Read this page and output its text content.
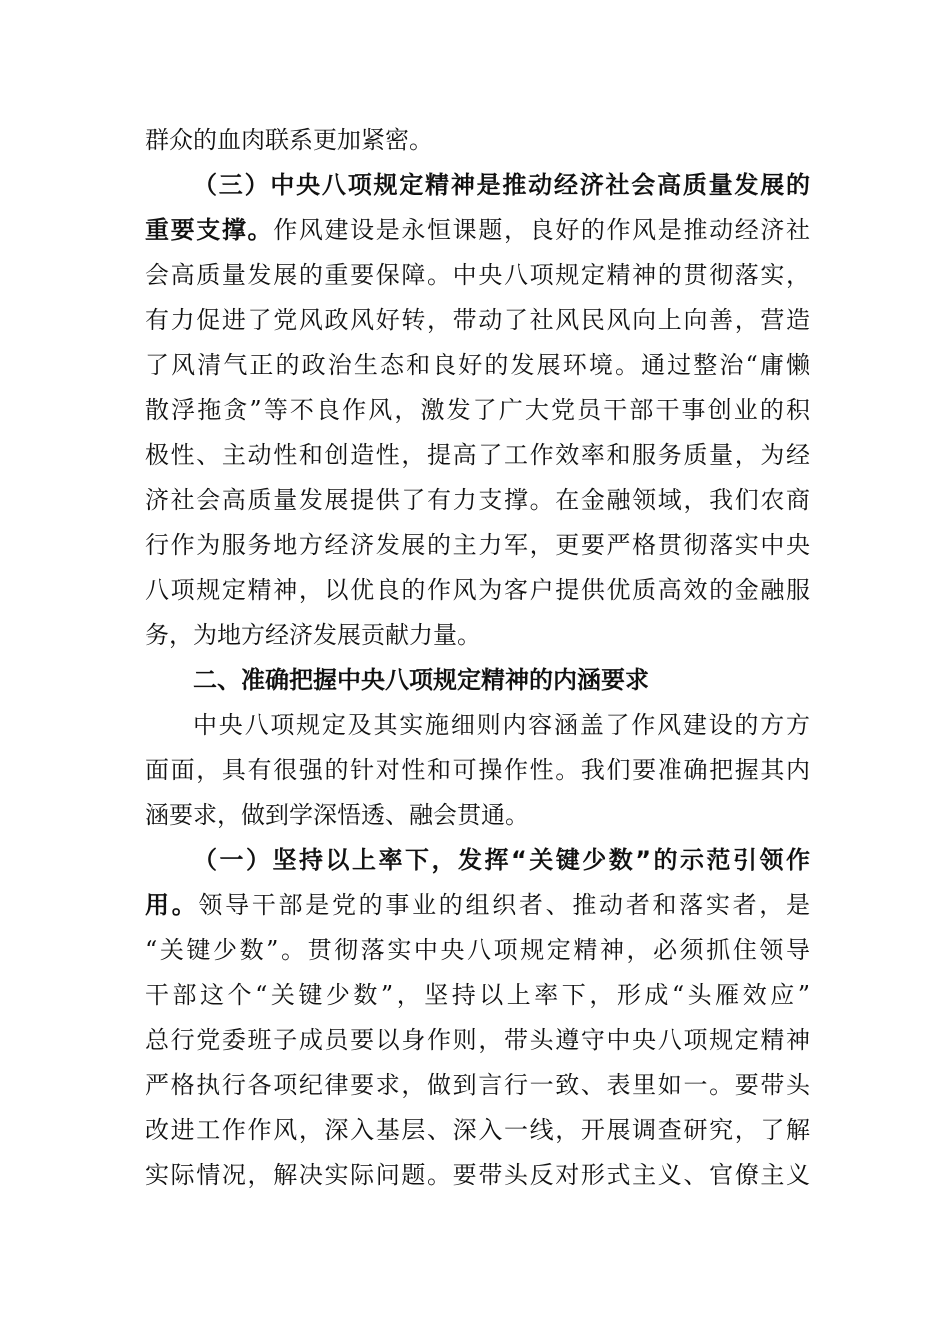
群众的血肉联系更加紧密。
（三）中央八项规定精神是推动经济社会高质量发展的
重要支撑。作风建设是永恒课题，良好的作风是推动经济社
会高质量发展的重要保障。中央八项规定精神的贯彻落实，
有力促进了党风政风好转，带动了社风民风向上向善，营造
了风清气正的政治生态和良好的发展环境。通过整治“庸懒
散浮拖贪”等不良作风，激发了广大党员干部干事创业的积
极性、主动性和创造性，提高了工作效率和服务质量，为经
济社会高质量发展提供了有力支撑。在金融领域，我们农商
行作为服务地方经济发展的主力军，更要严格贯彻落实中央
八项规定精神，以优良的作风为客户提供优质高效的金融服
务，为地方经济发展贡献力量。
二、准确把握中央八项规定精神的内涵要求
中央八项规定及其实施细则内容涵盖了作风建设的方方
面面，具有很强的针对性和可操作性。我们要准确把握其内
涵要求，做到学深悟透、融会贯通。
（一）坚持以上率下，发挥“关键少数”的示范引领作
用。领导干部是党的事业的组织者、推动者和落实者，是
“关键少数”。贯彻落实中央八项规定精神，必须抓住领导
干部这个“关键少数”，坚持以上率下，形成“头雁效应”
总行党委班子成员要以身作则，带头遵守中央八项规定精神
严格执行各项纪律要求，做到言行一致、表里如一。要带头
改进工作作风，深入基层、深入一线，开展调查研究，了解
实际情况，解决实际问题。要带头反对形式主义、官僚主义
